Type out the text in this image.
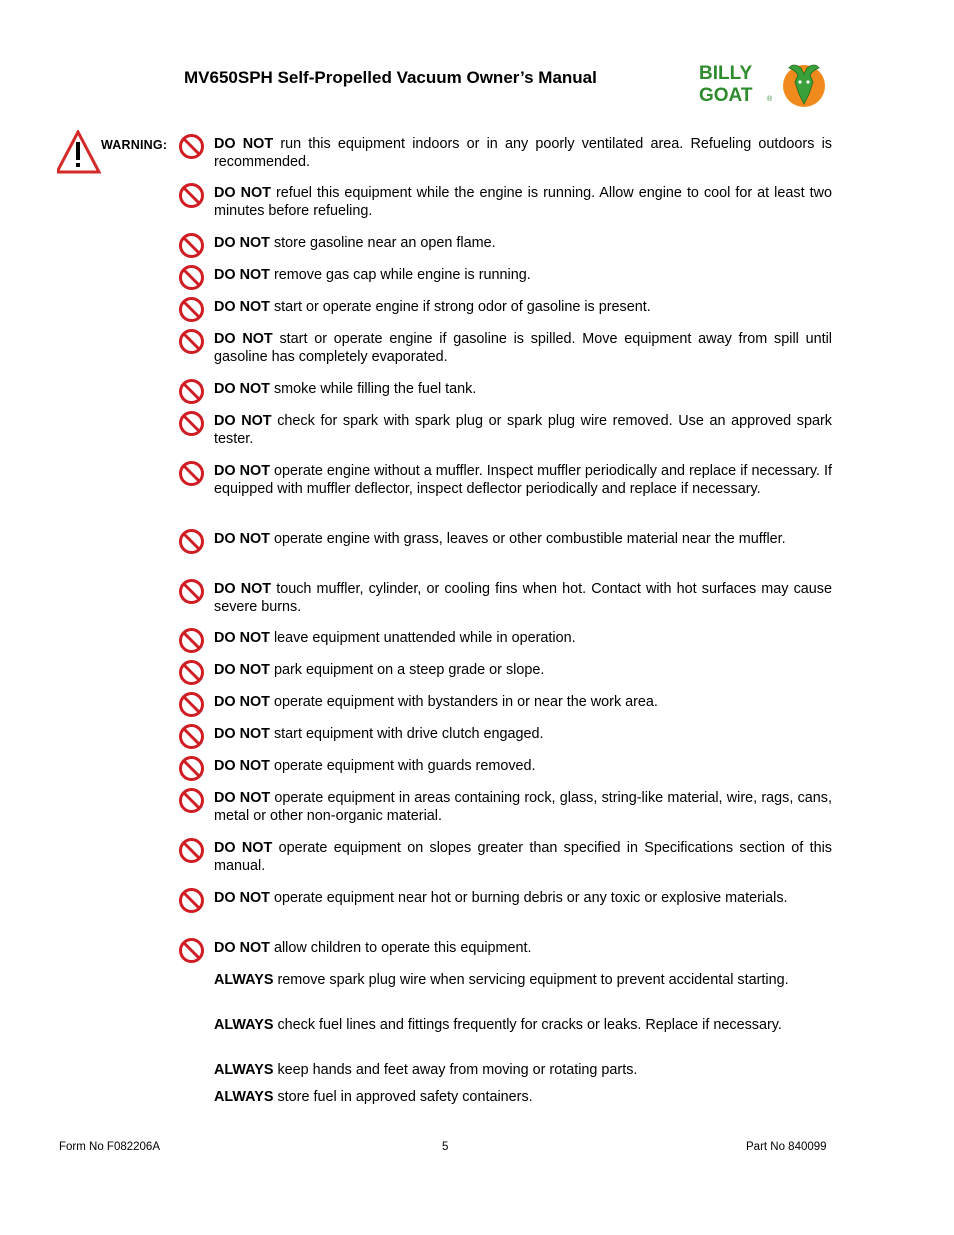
MV650SPH Self-Propelled Vacuum Owner’s Manual	BILLY
GOAT ®
WARNING:	DO NOT run this equipment indoors or in any poorly ventilated area. Refueling outdoors is recommended.
DO NOT refuel this equipment while the engine is running. Allow engine to cool for at least two minutes before refueling.
DO NOT store gasoline near an open flame.
DO NOT remove gas cap while engine is running.
DO NOT start or operate engine if strong odor of gasoline is present.
DO NOT start or operate engine if gasoline is spilled. Move equipment away from spill until gasoline has completely evaporated.
DO NOT smoke while filling the fuel tank.
DO NOT check for spark with spark plug or spark plug wire removed. Use an approved spark tester.
DO NOT operate engine without a muffler. Inspect muffler periodically and replace if necessary. If equipped with muffler deflector, inspect deflector periodically and replace if necessary.
DO NOT operate engine with grass, leaves or other combustible material near the muffler.
DO NOT touch muffler, cylinder, or cooling fins when hot. Contact with hot surfaces may cause severe burns.
DO NOT leave equipment unattended while in operation.
DO NOT park equipment on a steep grade or slope.
DO NOT operate equipment with bystanders in or near the work area.
DO NOT start equipment with drive clutch engaged.
DO NOT operate equipment with guards removed.
DO NOT operate equipment in areas containing rock, glass, string-like material, wire, rags, cans, metal or other non-organic material.
DO NOT operate equipment on slopes greater than specified in Specifications section of this manual.
DO NOT operate equipment near hot or burning debris or any toxic or explosive materials.
DO NOT allow children to operate this equipment.
ALWAYS remove spark plug wire when servicing equipment to prevent accidental starting.
ALWAYS check fuel lines and fittings frequently for cracks or leaks. Replace if necessary.
ALWAYS keep hands and feet away from moving or rotating parts.
ALWAYS store fuel in approved safety containers.
Form No F082206A	5	Part No 840099
